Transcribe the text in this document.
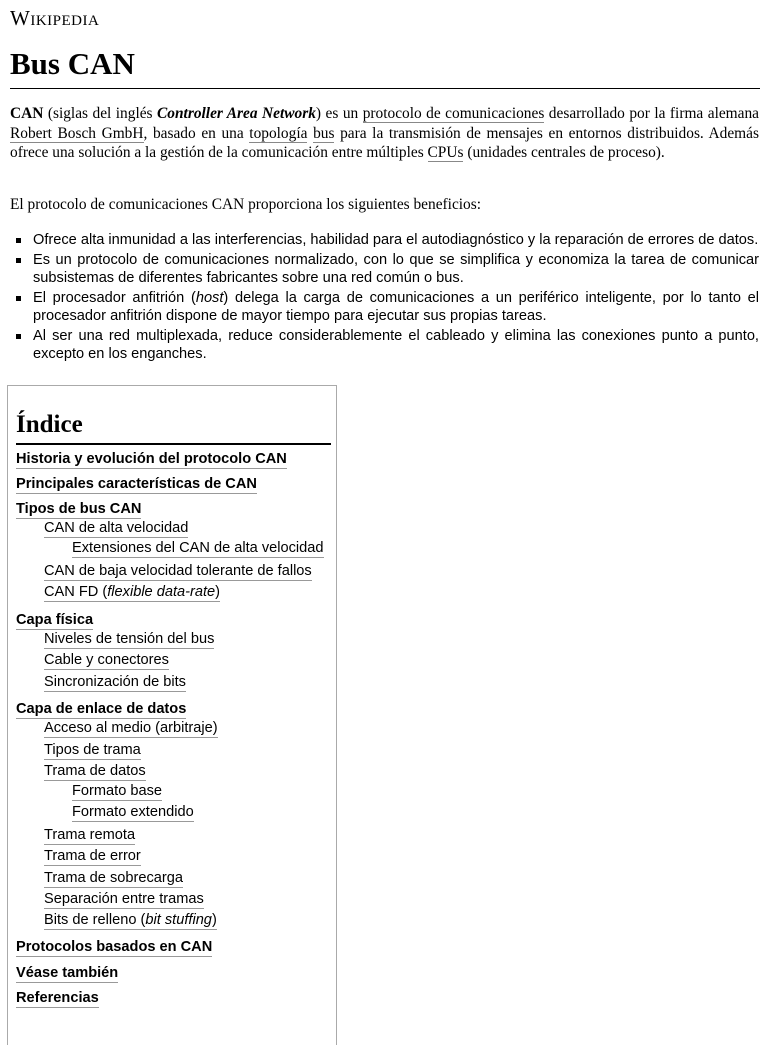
Wikipedia
Bus CAN

CAN (siglas del inglés Controller Area Network) es un protocolo de comunicaciones desarrollado por la firma alemana Robert Bosch GmbH, basado en una topología bus para la transmisión de mensajes en entornos distribuidos. Además ofrece una solución a la gestión de la comunicación entre múltiples CPUs (unidades centrales de proceso).

El protocolo de comunicaciones CAN proporciona los siguientes beneficios:

Ofrece alta inmunidad a las interferencias, habilidad para el autodiagnóstico y la reparación de errores de datos.
Es un protocolo de comunicaciones normalizado, con lo que se simplifica y economiza la tarea de comunicar subsistemas de diferentes fabricantes sobre una red común o bus.
El procesador anfitrión (host) delega la carga de comunicaciones a un periférico inteligente, por lo tanto el procesador anfitrión dispone de mayor tiempo para ejecutar sus propias tareas.
Al ser una red multiplexada, reduce considerablemente el cableado y elimina las conexiones punto a punto, excepto en los enganches.
Índice
Historia y evolución del protocolo CAN
Principales características de CAN
Tipos de bus CAN
CAN de alta velocidad
Extensiones del CAN de alta velocidad
CAN de baja velocidad tolerante de fallos
CAN FD (flexible data-rate)
Capa física
Niveles de tensión del bus
Cable y conectores
Sincronización de bits
Capa de enlace de datos
Acceso al medio (arbitraje)
Tipos de trama
Trama de datos
Formato base
Formato extendido
Trama remota
Trama de error
Trama de sobrecarga
Separación entre tramas
Bits de relleno (bit stuffing)
Protocolos basados en CAN
Véase también
Referencias
